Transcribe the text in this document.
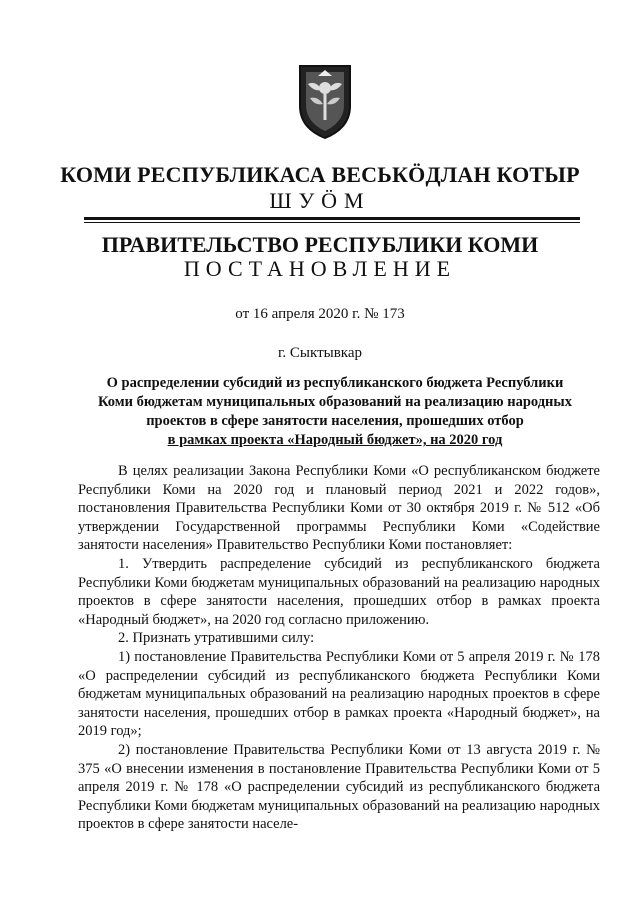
КОМИ РЕСПУБЛИКАСА ВЕСЬКÖДЛАН КОТЫР
ШУÖМ
ПРАВИТЕЛЬСТВО РЕСПУБЛИКИ КОМИ
ПОСТАНОВЛЕНИЕ
от 16 апреля 2020 г. № 173
г. Сыктывкар
О распределении субсидий из республиканского бюджета Республики
Коми бюджетам муниципальных образований на реализацию народных
проектов в сфере занятости населения, прошедших отбор
в рамках проекта «Народный бюджет», на 2020 год

В целях реализации Закона Республики Коми «О республиканском бюджете Республики Коми на 2020 год и плановый период 2021 и 2022 годов», постановления Правительства Республики Коми от 30 октября 2019 г. № 512 «Об утверждении Государственной программы Республики Коми «Содействие занятости населения» Правительство Республики Коми постановляет:

1. Утвердить распределение субсидий из республиканского бюджета Республики Коми бюджетам муниципальных образований на реализацию народных проектов в сфере занятости населения, прошедших отбор в рамках проекта «Народный бюджет», на 2020 год согласно приложению.

2. Признать утратившими силу:

1) постановление Правительства Республики Коми от 5 апреля 2019 г. № 178 «О распределении субсидий из республиканского бюджета Республики Коми бюджетам муниципальных образований на реализацию народных проектов в сфере занятости населения, прошедших отбор в рамках проекта «Народный бюджет», на 2019 год»;

2) постановление Правительства Республики Коми от 13 августа 2019 г. № 375 «О внесении изменения в постановление Правительства Республики Коми от 5 апреля 2019 г. № 178 «О распределении субсидий из республиканского бюджета Республики Коми бюджетам муниципальных образований на реализацию народных проектов в сфере занятости населе-
